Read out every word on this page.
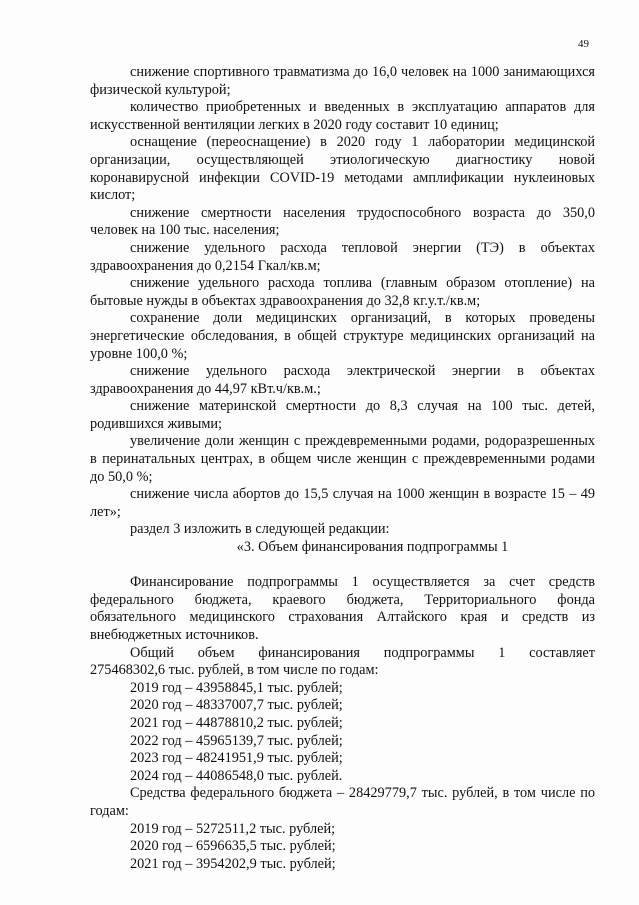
49

снижение спортивного травматизма до 16,0 человек на 1000 занимающихся физической культурой;

количество приобретенных и введенных в эксплуатацию аппаратов для искусственной вентиляции легких в 2020 году составит 10 единиц;

оснащение (переоснащение) в 2020 году 1 лаборатории медицинской организации, осуществляющей этиологическую диагностику новой коронавирусной инфекции COVID-19 методами амплификации нуклеиновых кислот;

снижение смертности населения трудоспособного возраста до 350,0 человек на 100 тыс. населения;

снижение удельного расхода тепловой энергии (ТЭ) в объектах здравоохранения до 0,2154 Гкал/кв.м;

снижение удельного расхода топлива (главным образом отопление) на бытовые нужды в объектах здравоохранения до 32,8 кг.у.т./кв.м;

сохранение доли медицинских организаций, в которых проведены энергетические обследования, в общей структуре медицинских организаций на уровне 100,0 %;

снижение удельного расхода электрической энергии в объектах здравоохранения до 44,97 кВт.ч/кв.м.;

снижение материнской смертности до 8,3 случая на 100 тыс. детей, родившихся живыми;

увеличение доли женщин с преждевременными родами, родоразрешенных в перинатальных центрах, в общем числе женщин с преждевременными родами до 50,0 %;

снижение числа абортов до 15,5 случая на 1000 женщин в возрасте 15 – 49 лет»;

раздел 3 изложить в следующей редакции:

«3. Объем финансирования подпрограммы 1

Финансирование подпрограммы 1 осуществляется за счет средств федерального бюджета, краевого бюджета, Территориального фонда обязательного медицинского страхования Алтайского края и средств из внебюджетных источников.

Общий объем финансирования подпрограммы 1 составляет

275468302,6 тыс. рублей, в том числе по годам:

2019 год – 43958845,1 тыс. рублей;

2020 год – 48337007,7 тыс. рублей;

2021 год – 44878810,2 тыс. рублей;

2022 год – 45965139,7 тыс. рублей;

2023 год – 48241951,9 тыс. рублей;

2024 год – 44086548,0 тыс. рублей.

Средства федерального бюджета – 28429779,7 тыс. рублей, в том числе по годам:

2019 год – 5272511,2 тыс. рублей;

2020 год – 6596635,5 тыс. рублей;

2021 год – 3954202,9 тыс. рублей;
